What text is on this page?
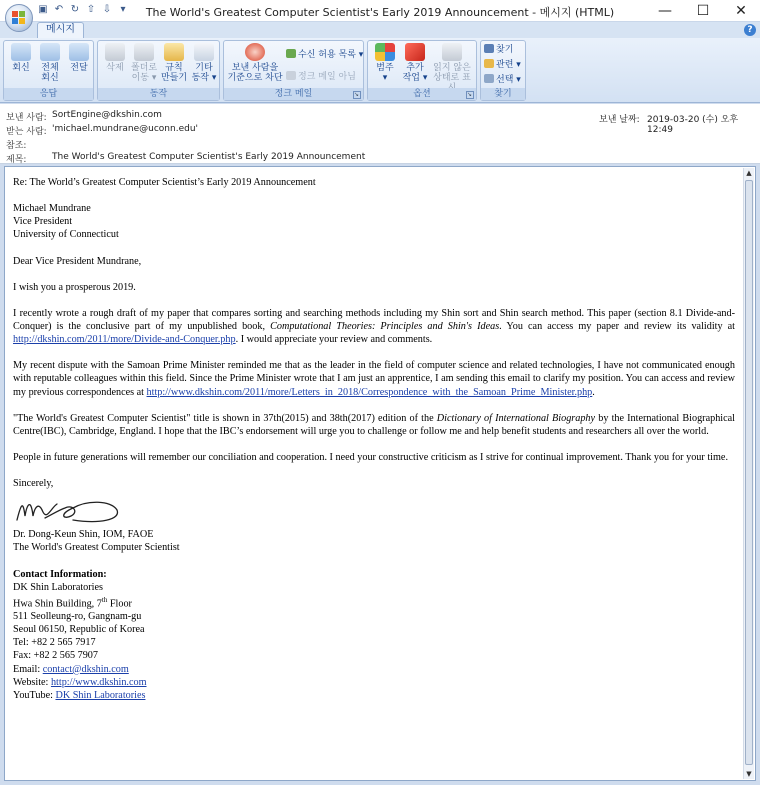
▣ ↶ ↻ ⇧ ⇩ ▾	The World's Greatest Computer Scientist's Early 2019 Announcement - 메시지 (HTML)	—	☐	✕
메시지	?
회신	전체
회신
전달
응답
삭제 폴더로
이동 ▾
규칙
만들기
기타
동작 ▾
동작
보낸 사람을
기준으로 차단
수신 허용 목록 ▾
정크 메일 아님
정크 메일	↘
범주
▾
추가
작업 ▾
읽지 않은
상태로 표
옵션	↘
찾기
관련 ▾
선택 ▾
찾기
보낸 사람: SortEngine@dkshin.com
받는 사람: 'michael.mundrane@uconn.edu'
참조:
제목:	The World's Greatest Computer Scientist's Early 2019 Announcement
보낸 날짜: 2019-03-20 (수) 오후 12:49

Re: The World’s Greatest Computer Scientist’s Early 2019 Announcement

Michael Mundrane
Vice President

University of Connecticut

Dear Vice President Mundrane,

I wish you a prosperous 2019.

I recently wrote a rough draft of my paper that compares sorting and searching methods including my Shin sort and Shin search method. This paper (section 8.1 Divide-and-Conquer) is the conclusive part of my unpublished book, Computational Theories: Principles and Shin's Ideas. You can access my paper and review its validity at http://dkshin.com/2011/more/Divide-and-Conquer.php. I would appreciate your review and comments.

My recent dispute with the Samoan Prime Minister reminded me that as the leader in the field of computer science and related technologies, I have not communicated enough with reputable colleagues within this field. Since the Prime Minister wrote that I am just an apprentice, I am sending this email to clarify my position. You can access and review my previous correspondences at http://www.dkshin.com/2011/more/Letters_in_2018/Correspondence_with_the_Samoan_Prime_Minister.php.

"The World's Greatest Computer Scientist" title is shown in 37th(2015) and 38th(2017) edition of the Dictionary of International Biography by the International Biographical Centre(IBC), Cambridge, England. I hope that the IBC’s endorsement will urge you to challenge or follow me and help benefit students and researchers all over the world.

People in future generations will remember our conciliation and cooperation. I need your constructive criticism as I strive for continual improvement. Thank you for your time.

Sincerely,
Dr. Dong-Keun Shin, IOM, FAOE

The World's Greatest Computer Scientist

Contact Information:
DK Shin Laboratories
Hwa Shin Building, 7th Floor
511 Seolleung-ro, Gangnam-gu
Seoul 06150, Republic of Korea
Tel: +82 2 565 7917
Fax: +82 2 565 7907
Email: contact@dkshin.com
Website: http://www.dkshin.com
YouTube: DK Shin Laboratories
▲
▼
